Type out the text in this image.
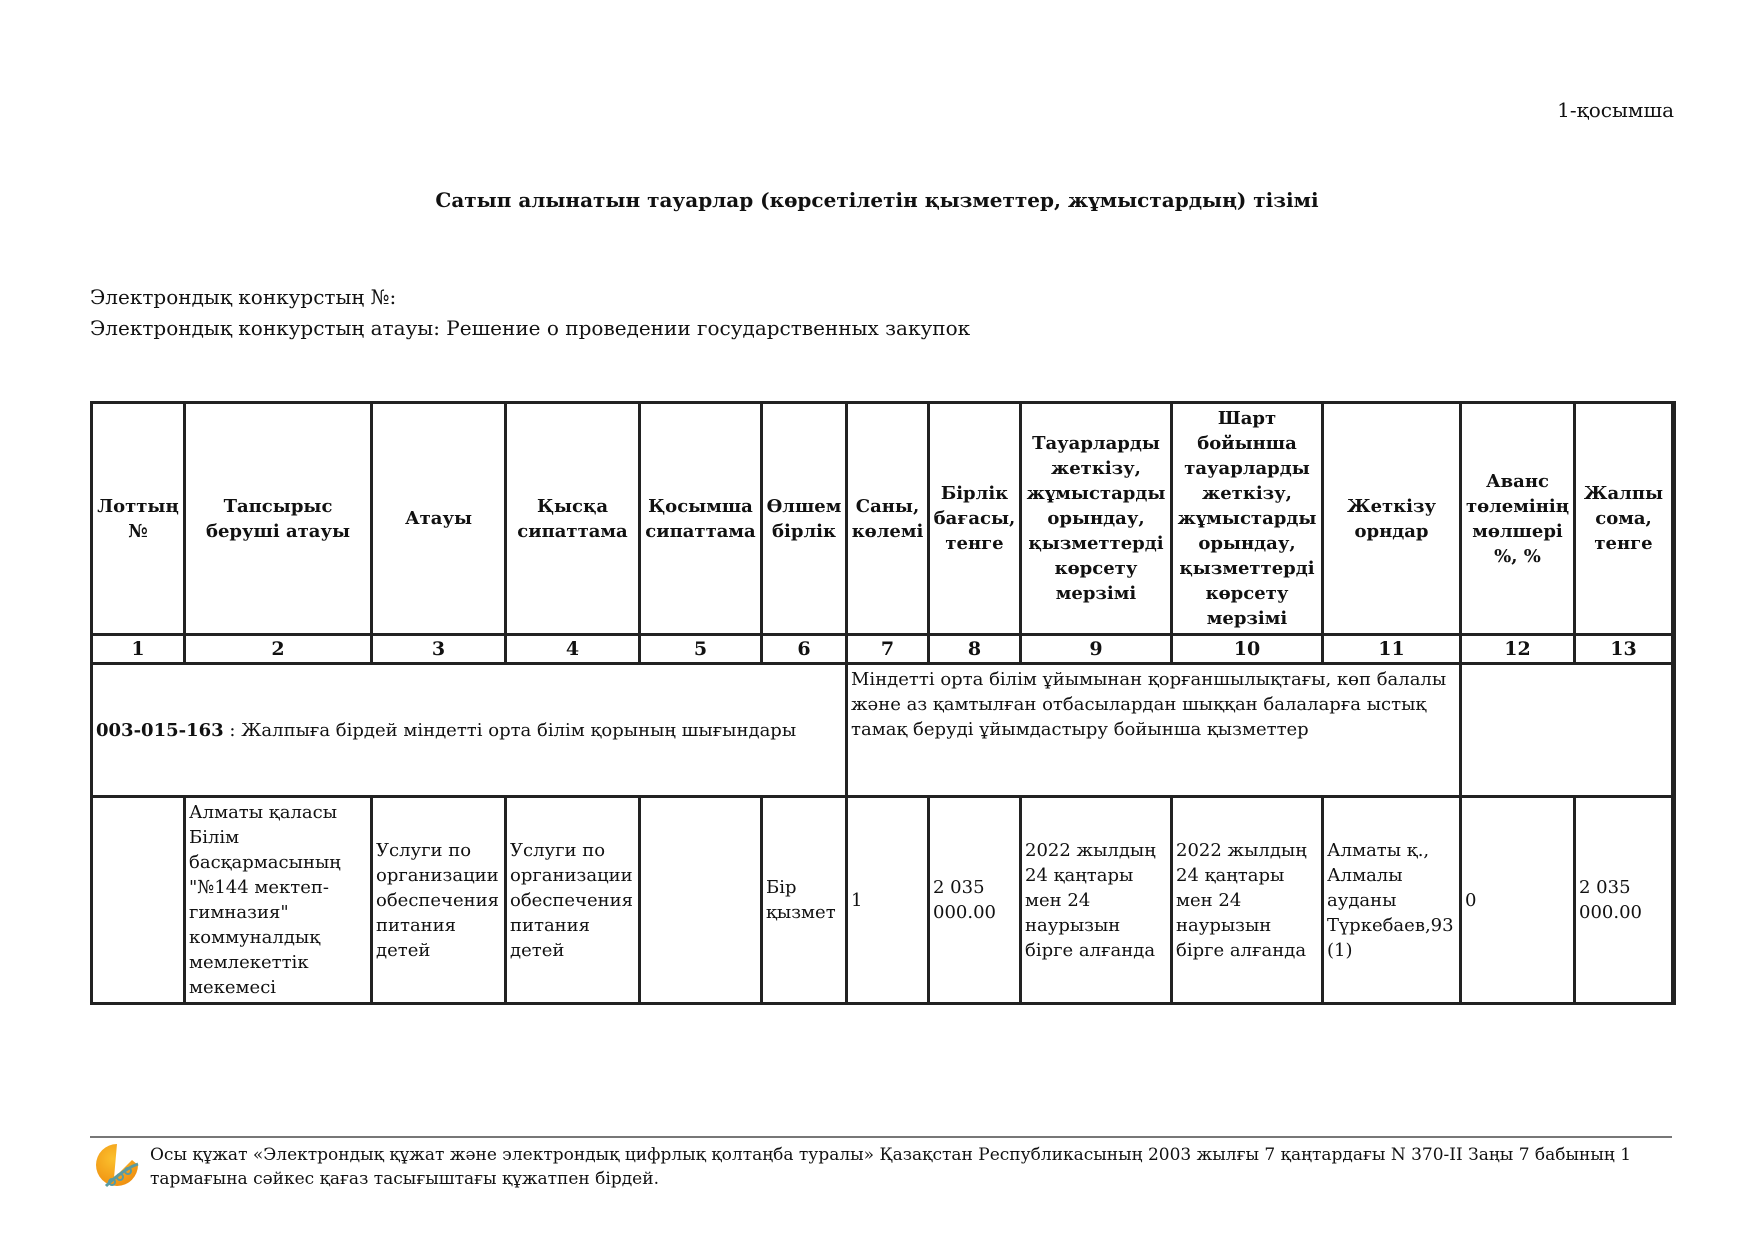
1-қосымша
Сатып алынатын тауарлар (көрсетілетін қызметтер, жұмыстардың) тізімі
Электрондық конкурстың №:
Электрондық конкурстың атауы: Решение о проведении государственных закупок
Лоттың №	Тапсырыс беруші атауы	Атауы	Қысқа сипаттама	Қосымша сипаттама	Өлшем бірлік	Саны, көлемі	Бірлік бағасы, тенге	Тауарларды жеткізу, жұмыстарды орындау, қызметтерді көрсету мерзімі	Шарт бойынша тауарларды жеткізу, жұмыстарды орындау, қызметтерді көрсету мерзімі	Жеткізу орндар	Аванс төлемінің мөлшері %, %	Жалпы сома, тенге
1	2	3	4	5	6	7	8	9	10	11	12	13
003-015-163 : Жалпыға бірдей міндетті орта білім қорының шығындары						Міндетті орта білім ұйымынан қорғаншылықтағы, көп балалы және аз қамтылған отбасылардан шыққан балаларға ыстық тамақ беруді ұйымдастыру бойынша қызметтер						
	Алматы қаласы Білім басқармасының "№144 мектеп-гимназия" коммуналдық мемлекеттік мекемесі	Услуги по организации обеспечения питания детей	Услуги по организации обеспечения питания детей		Бір қызмет	1	2 035 000.00	2022 жылдың 24 қаңтары мен 24 наурызын бірге алғанда	2022 жылдың 24 қаңтары мен 24 наурызын бірге алғанда	Алматы қ., Алмалы ауданы Түркебаев,93 (1)	0	2 035 000.00
Осы құжат «Электрондық құжат және электрондық цифрлық қолтаңба туралы» Қазақстан Республикасының 2003 жылғы 7 қаңтардағы N 370-II Заңы 7 бабының 1 тармағына сәйкес қағаз тасығыштағы құжатпен бірдей.
